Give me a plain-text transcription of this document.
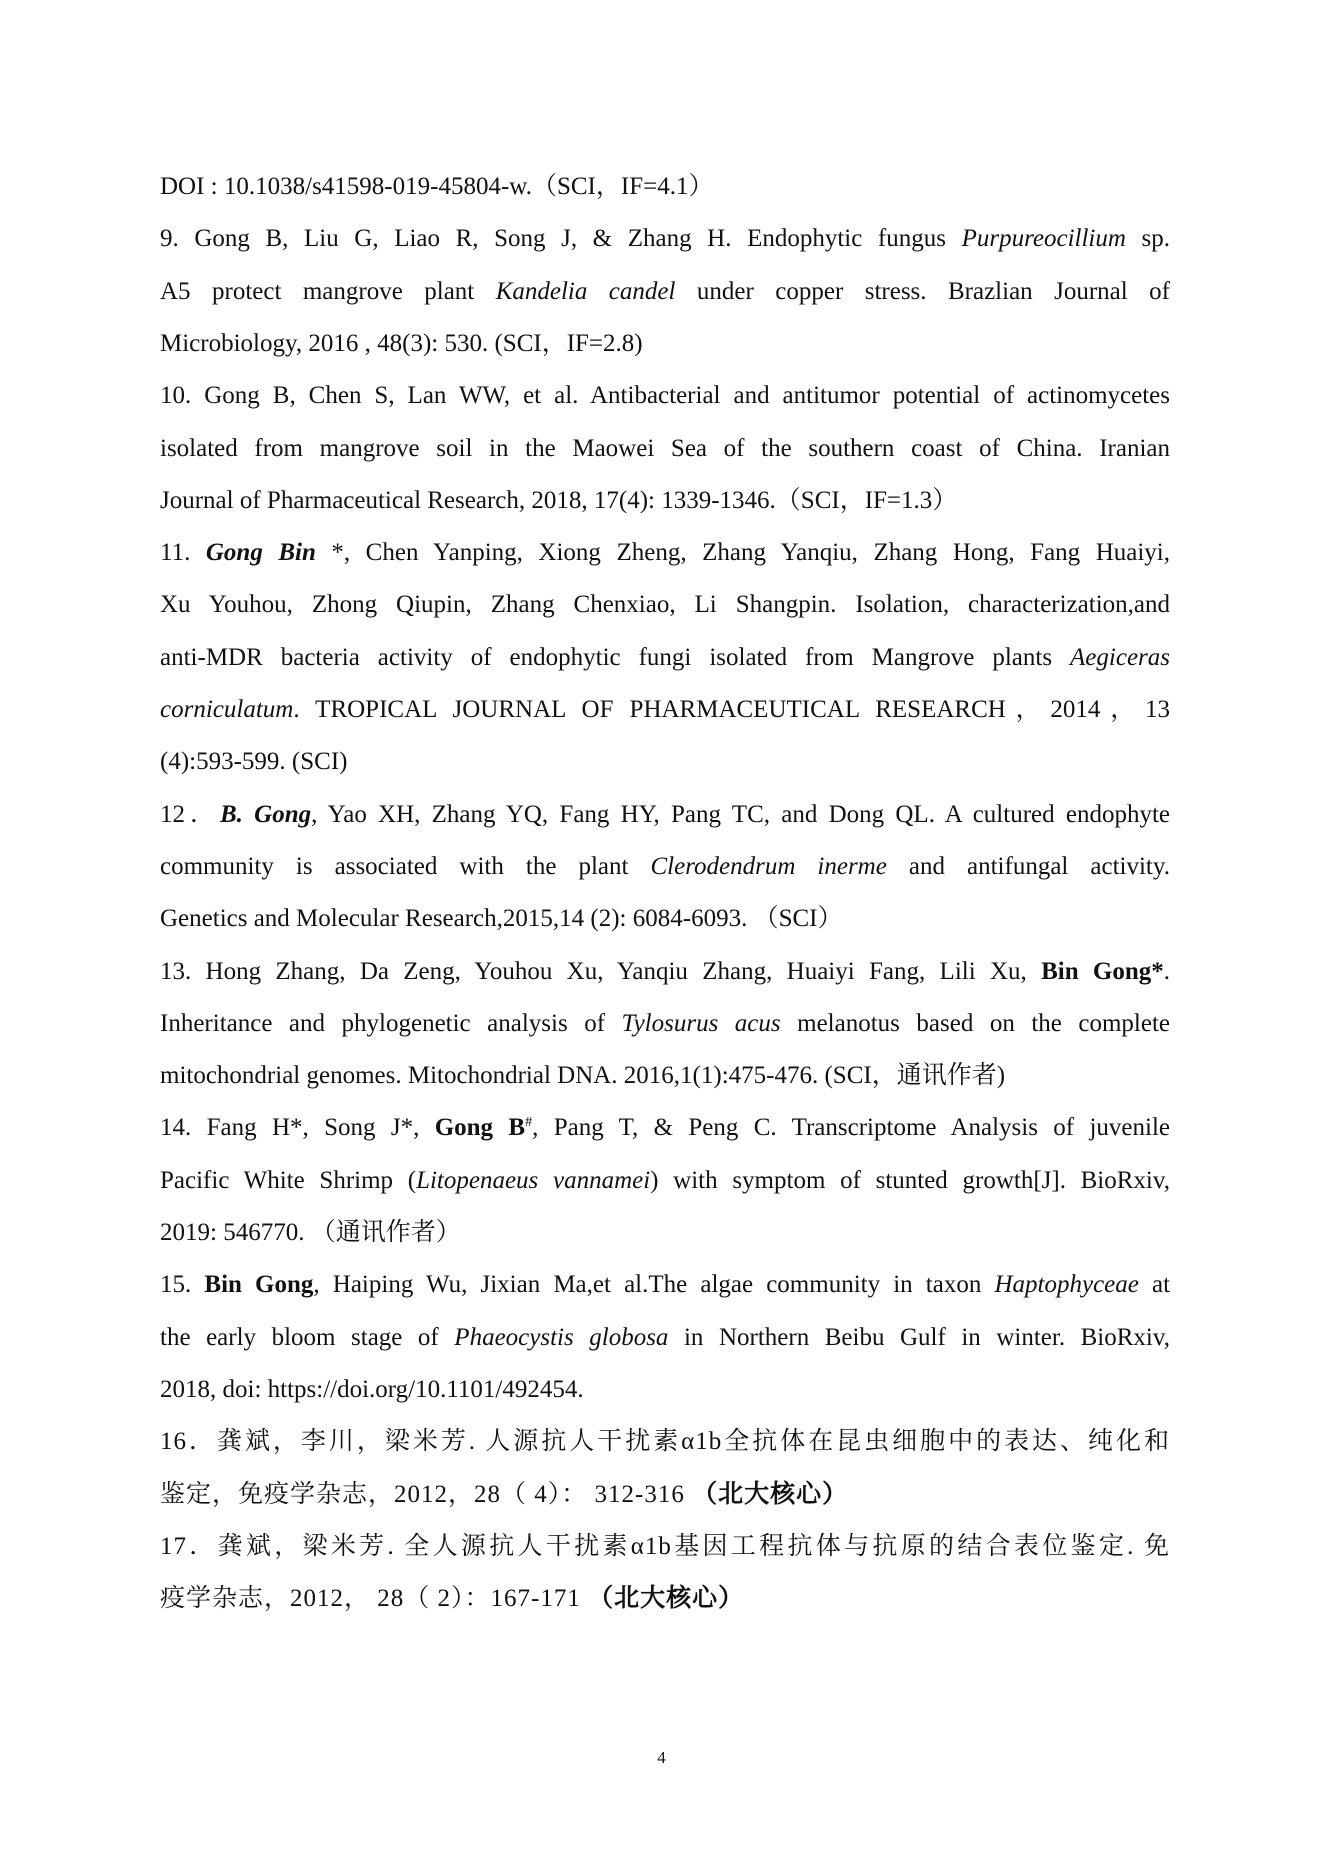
DOI : 10.1038/s41598-019-45804-w.（SCI，IF=4.1）
9. Gong B, Liu G, Liao R, Song J, & Zhang H. Endophytic fungus Purpureocillium sp.
A5 protect mangrove plant Kandelia candel under copper stress. Brazlian Journal of
Microbiology, 2016 , 48(3): 530. (SCI，IF=2.8)
10. Gong B, Chen S, Lan WW, et al. Antibacterial and antitumor potential of actinomycetes
isolated from mangrove soil in the Maowei Sea of the southern coast of China. Iranian
Journal of Pharmaceutical Research, 2018, 17(4): 1339-1346.（SCI，IF=1.3）
11. Gong Bin *, Chen Yanping, Xiong Zheng, Zhang Yanqiu, Zhang Hong, Fang Huaiyi,
Xu Youhou, Zhong Qiupin, Zhang Chenxiao, Li Shangpin. Isolation, characterization,and
anti-MDR bacteria activity of endophytic fungi isolated from Mangrove plants Aegiceras
corniculatum. TROPICAL JOURNAL OF PHARMACEUTICAL RESEARCH，2014，13
(4):593-599. (SCI)
12．B. Gong, Yao XH, Zhang YQ, Fang HY, Pang TC, and Dong QL. A cultured endophyte
community is associated with the plant Clerodendrum inerme and antifungal activity.
Genetics and Molecular Research,2015,14 (2): 6084-6093. （SCI）
13. Hong Zhang, Da Zeng, Youhou Xu, Yanqiu Zhang, Huaiyi Fang, Lili Xu, Bin Gong*.
Inheritance and phylogenetic analysis of Tylosurus acus melanotus based on the complete
mitochondrial genomes. Mitochondrial DNA. 2016,1(1):475-476. (SCI，通讯作者)
14. Fang H*, Song J*, Gong B#, Pang T, & Peng C. Transcriptome Analysis of juvenile
Pacific White Shrimp (Litopenaeus vannamei) with symptom of stunted growth[J]. BioRxiv,
2019: 546770. （通讯作者）
15. Bin Gong, Haiping Wu, Jixian Ma,et al.The algae community in taxon Haptophyceae at
the early bloom stage of Phaeocystis globosa in Northern Beibu Gulf in winter. BioRxiv,
2018, doi: https://doi.org/10.1101/492454.
16．龚斌，李川，梁米芳. 人源抗人干扰素α1b全抗体在昆虫细胞中的表达、纯化和
鉴定，免疫学杂志，2012，28（ 4）： 312-316 （北大核心）
17．龚斌，梁米芳. 全人源抗人干扰素α1b基因工程抗体与抗原的结合表位鉴定. 免
疫学杂志，2012， 28（ 2）：167-171 （北大核心）
4
